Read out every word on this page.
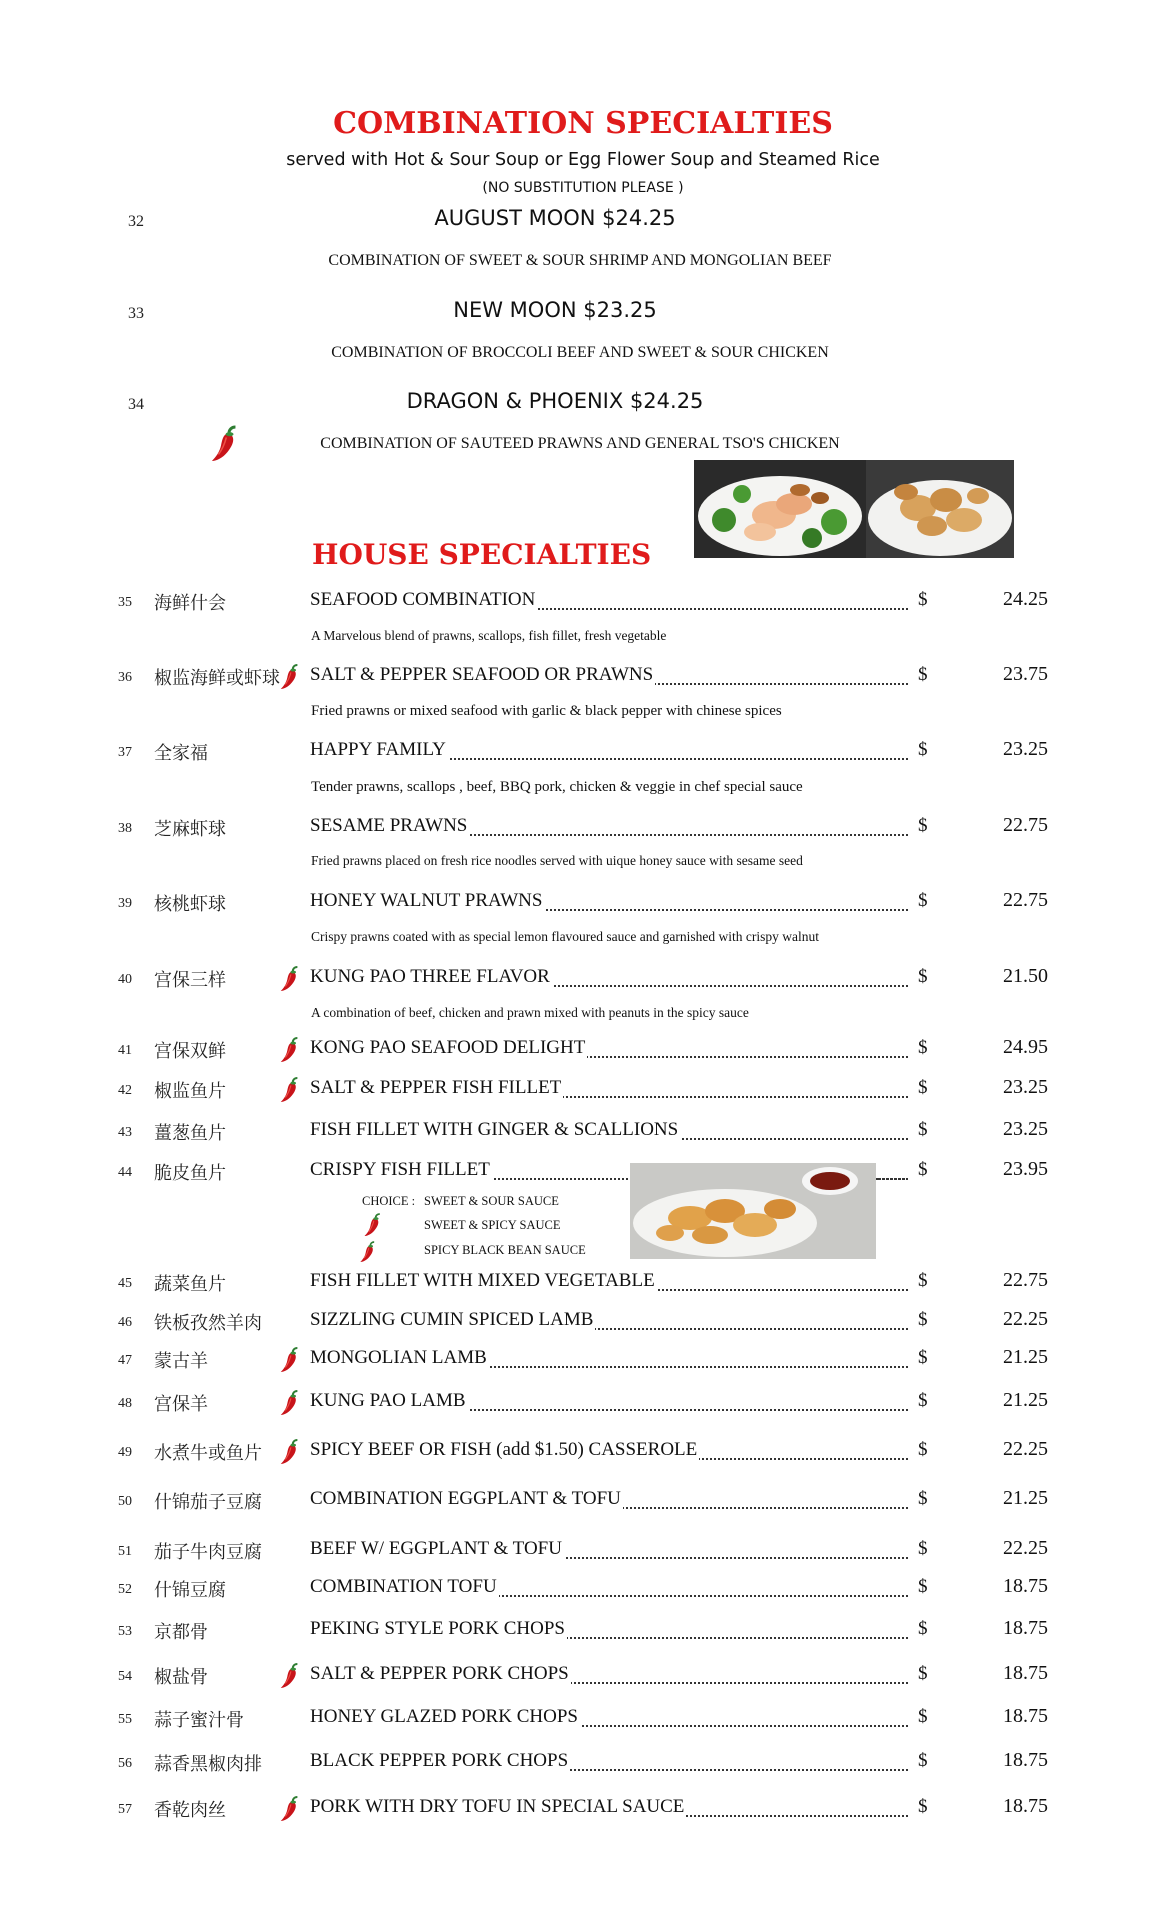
COMBINATION SPECIALTIES
served with Hot & Sour Soup or Egg Flower Soup and Steamed Rice
(NO SUBSTITUTION PLEASE )
32	AUGUST MOON $24.25
COMBINATION OF SWEET & SOUR SHRIMP AND MONGOLIAN BEEF
33	NEW MOON $23.25
COMBINATION OF BROCCOLI BEEF AND SWEET & SOUR CHICKEN
34	DRAGON & PHOENIX $24.25
COMBINATION OF SAUTEED PRAWNS AND GENERAL TSO'S CHICKEN
HOUSE SPECIALTIES
35 海鲜什会	SEAFOOD COMBINATION	$	24.25
A Marvelous blend of prawns, scallops, fish fillet, fresh vegetable
36 椒监海鲜或虾球 SALT & PEPPER SEAFOOD OR PRAWNS	$	23.75
Fried prawns or mixed seafood with garlic & black pepper with chinese spices
37 全家福	HAPPY FAMILY	$	23.25
Tender prawns, scallops , beef, BBQ pork, chicken & veggie in chef special sauce
38 芝麻虾球	SESAME PRAWNS	$	22.75
Fried prawns placed on fresh rice noodles served with uique honey sauce with sesame seed
39 核桃虾球	HONEY WALNUT PRAWNS	$	22.75
Crispy prawns coated with as special lemon flavoured sauce and garnished with crispy walnut
40 宫保三样	KUNG PAO THREE FLAVOR	$	21.50
A combination of beef, chicken and prawn mixed with peanuts in the spicy sauce
41 宫保双鲜	KONG PAO SEAFOOD DELIGHT	$	24.95
42 椒监鱼片	SALT & PEPPER FISH FILLET	$	23.25
43 薑葱鱼片	FISH FILLET WITH GINGER & SCALLIONS	$	23.25
44 脆皮鱼片	CRISPY FISH FILLET	$	23.95
45 蔬菜鱼片	FISH FILLET WITH MIXED VEGETABLE	$	22.75
46 铁板孜然羊肉	SIZZLING CUMIN SPICED LAMB	$	22.25
47 蒙古羊	MONGOLIAN LAMB	$	21.25
48 宫保羊	KUNG PAO LAMB	$	21.25
49 水煮牛或鱼片	SPICY BEEF OR FISH (add $1.50) CASSEROLE	$	22.25
50 什锦茄子豆腐	COMBINATION EGGPLANT & TOFU	$	21.25
51 茄子牛肉豆腐	BEEF W/ EGGPLANT & TOFU	$	22.25
52 什锦豆腐	COMBINATION TOFU	$	18.75
53 京都骨	PEKING STYLE PORK CHOPS	$	18.75
54 椒盐骨	SALT & PEPPER PORK CHOPS	$	18.75
55 蒜子蜜汁骨	HONEY GLAZED PORK CHOPS	$	18.75
56 蒜香黑椒肉排	BLACK PEPPER PORK CHOPS	$	18.75
57 香乾肉丝	PORK WITH DRY TOFU IN SPECIAL SAUCE	$	18.75
CHOICE : SWEET & SOUR SAUCE
SWEET & SPICY SAUCE
SPICY BLACK BEAN SAUCE
